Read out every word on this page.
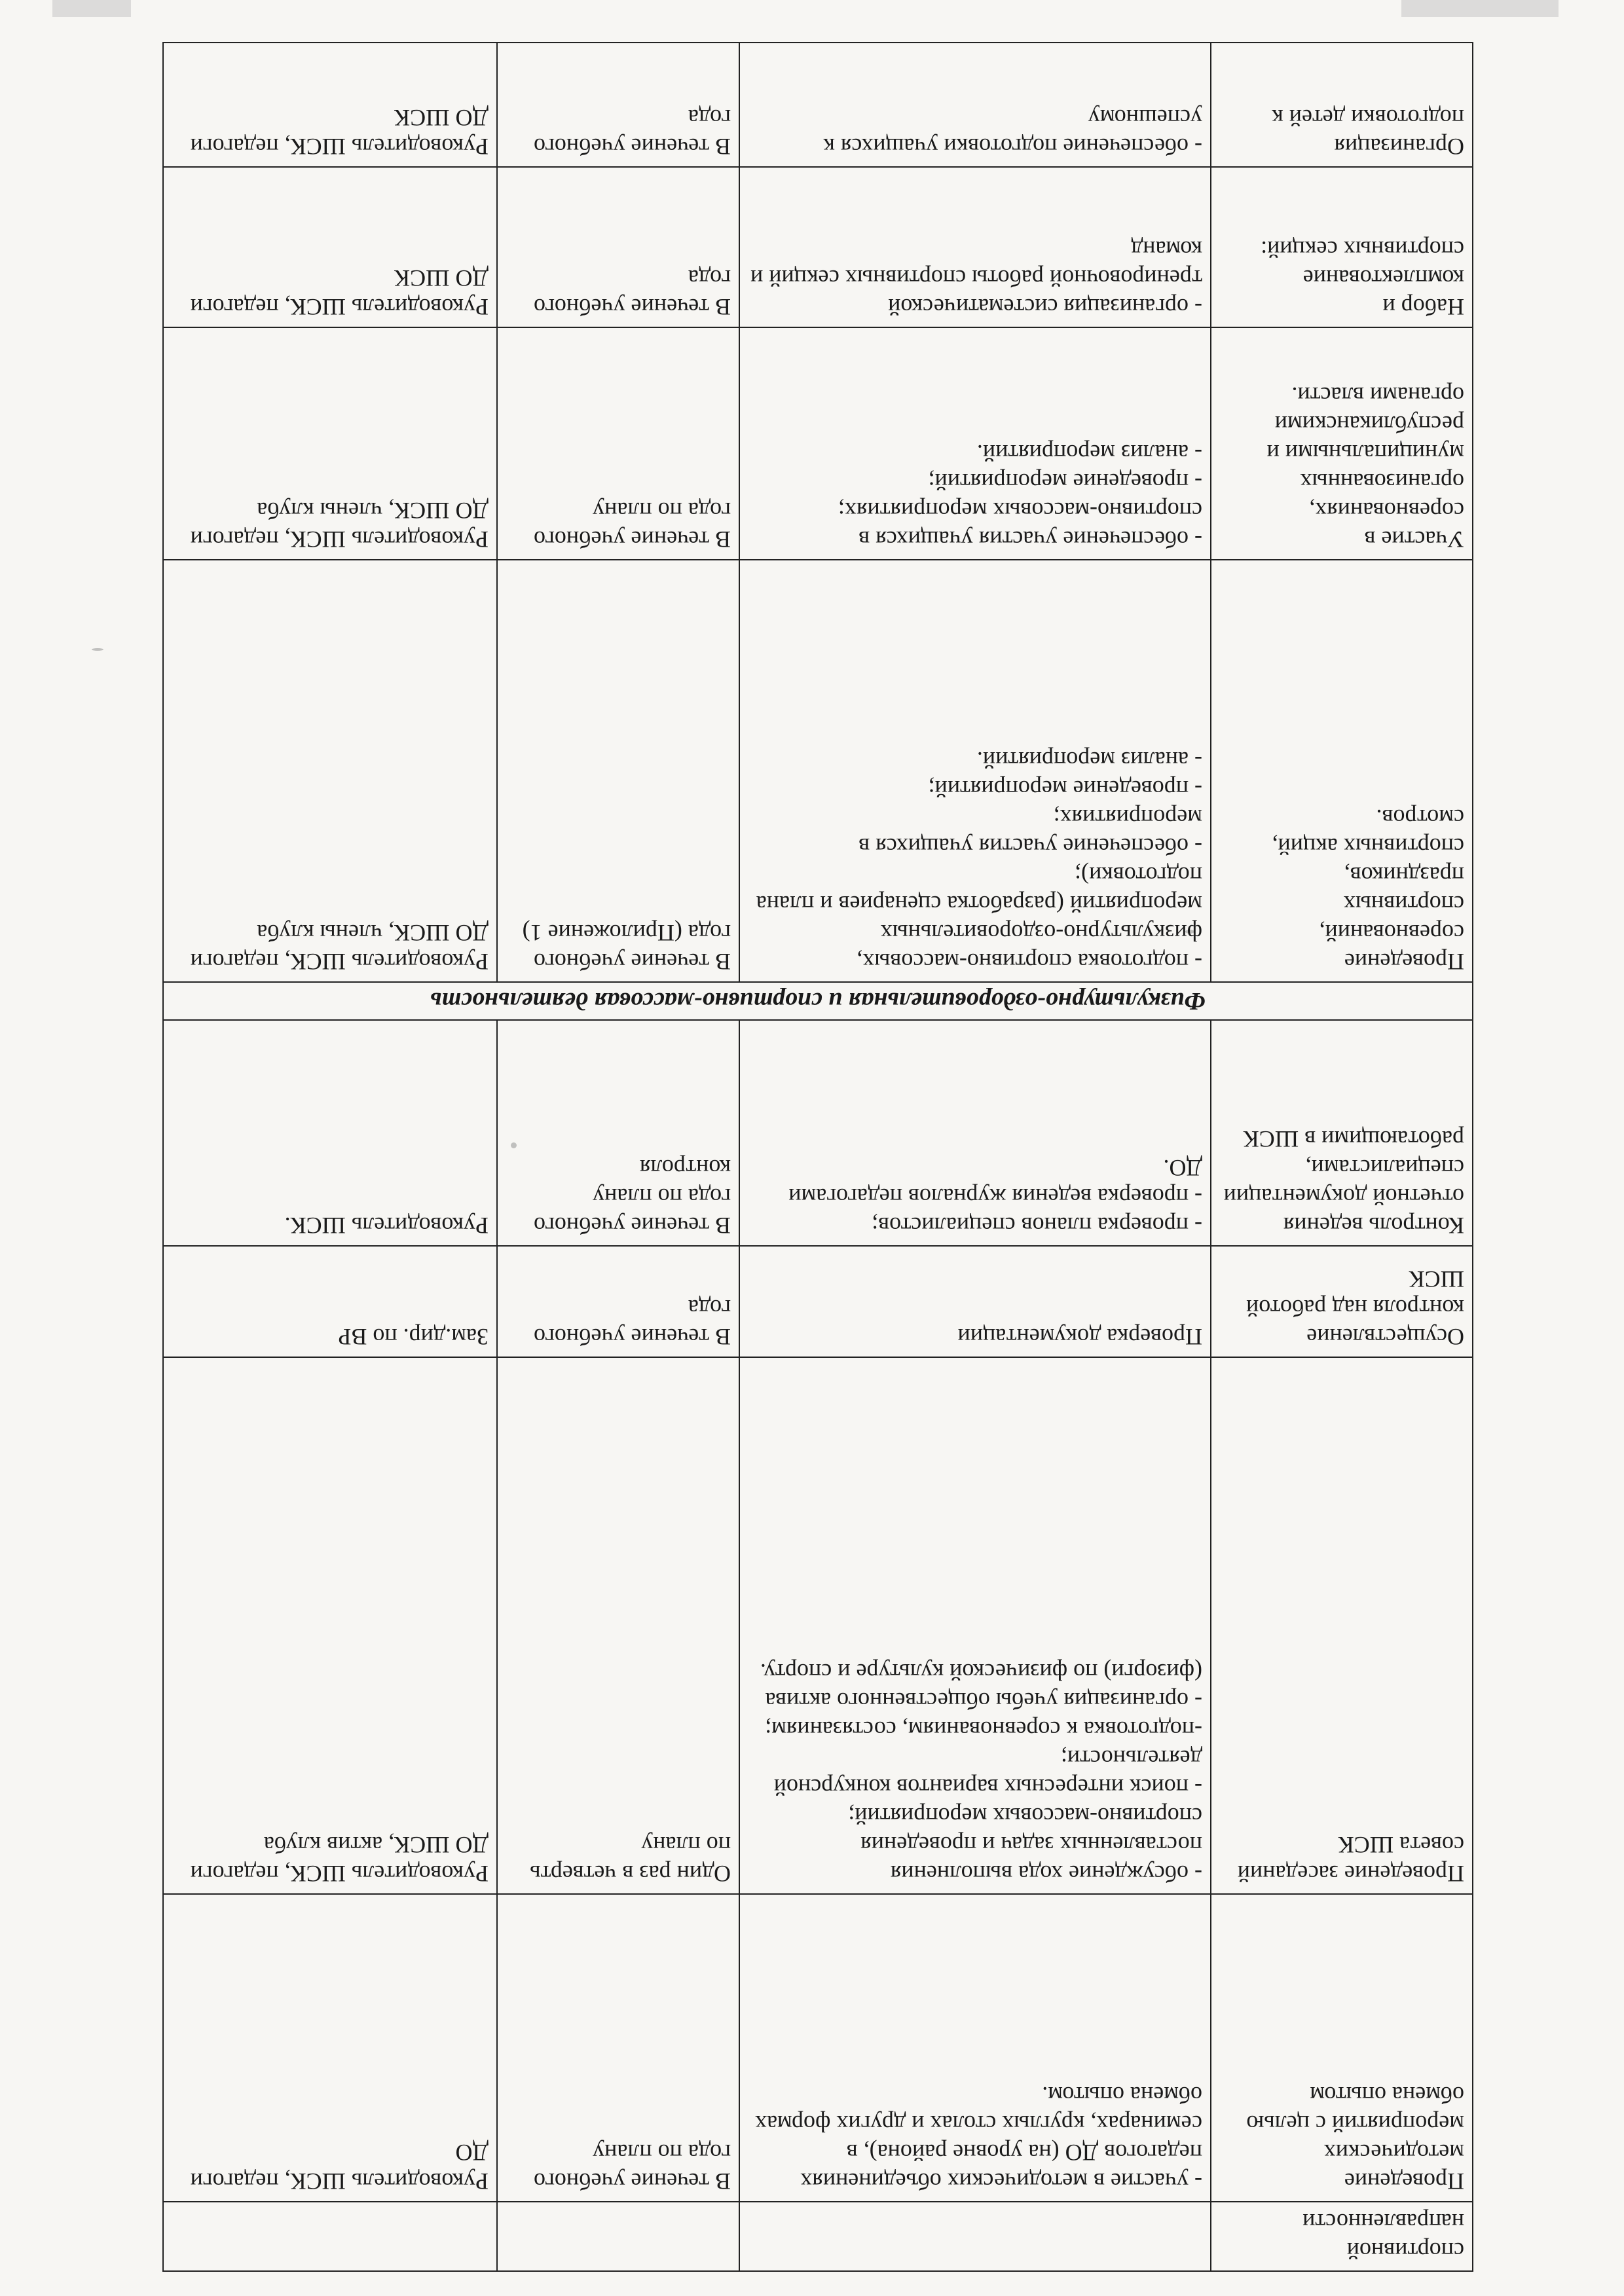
спортивной направленности			
Проведение методических мероприятий с целью обмена опытом	- участие в методических объединениях педагогов ДО (на уровне района), в семинарах, круглых столах и других формах обмена опытом.	В течение учебного года по плану	Руководитель ШСК, педагоги ДО
Проведение заседаний совета ШСК	- обсуждение хода выполнения поставленных задач и проведения спортивно-массовых мероприятий;
- поиск интересных вариантов конкурсной деятельности;
-подготовка к соревнованиям, состязаниям;
- организация учебы общественного актива (физорги) по физической культуре и спорту.	Один раз в четверть по плану	Руководитель ШСК, педагоги ДО ШСК, актив клуба
Осуществление контроля над работой ШСК	Проверка документации	В течение учебного года	Зам.дир. по ВР
Контроль ведения отчетной документации специалистами, работающими в ШСК	- проверка планов специалистов;
- проверка ведения журналов педагогами ДО.	В течение учебного года по плану контроля	Руководитель ШСК.
Физкультурно-оздоровительная и спортивно-массовая деятельность			
Проведение соревнований, спортивных праздников, спортивных акций, смотров.	- подготовка спортивно-массовых, физкультурно-оздоровительных мероприятий (разработка сценариев и плана подготовки);
- обеспечение участия учащихся в мероприятиях;
- проведение мероприятий;
- анализ мероприятий.	В течение учебного года (Приложение 1)	Руководитель ШСК, педагоги ДО ШСК, члены клуба
Участие в соревнованиях, организованных муниципальными и республиканскими органами власти.	- обеспечение участия учащихся в спортивно-массовых мероприятиях;
- проведение мероприятий;
- анализ мероприятий.	В течение учебного года по плану	Руководитель ШСК, педагоги ДО ШСК, члены клуба
Набор и комплектование спортивных секций:	- организация систематической тренировочной работы спортивных секций и команд	В течение учебного года	Руководитель ШСК, педагоги ДО ШСК
Организация подготовки детей к	- обеспечение подготовки учащихся к успешному	В течение учебного года	Руководитель ШСК, педагоги ДО ШСК
